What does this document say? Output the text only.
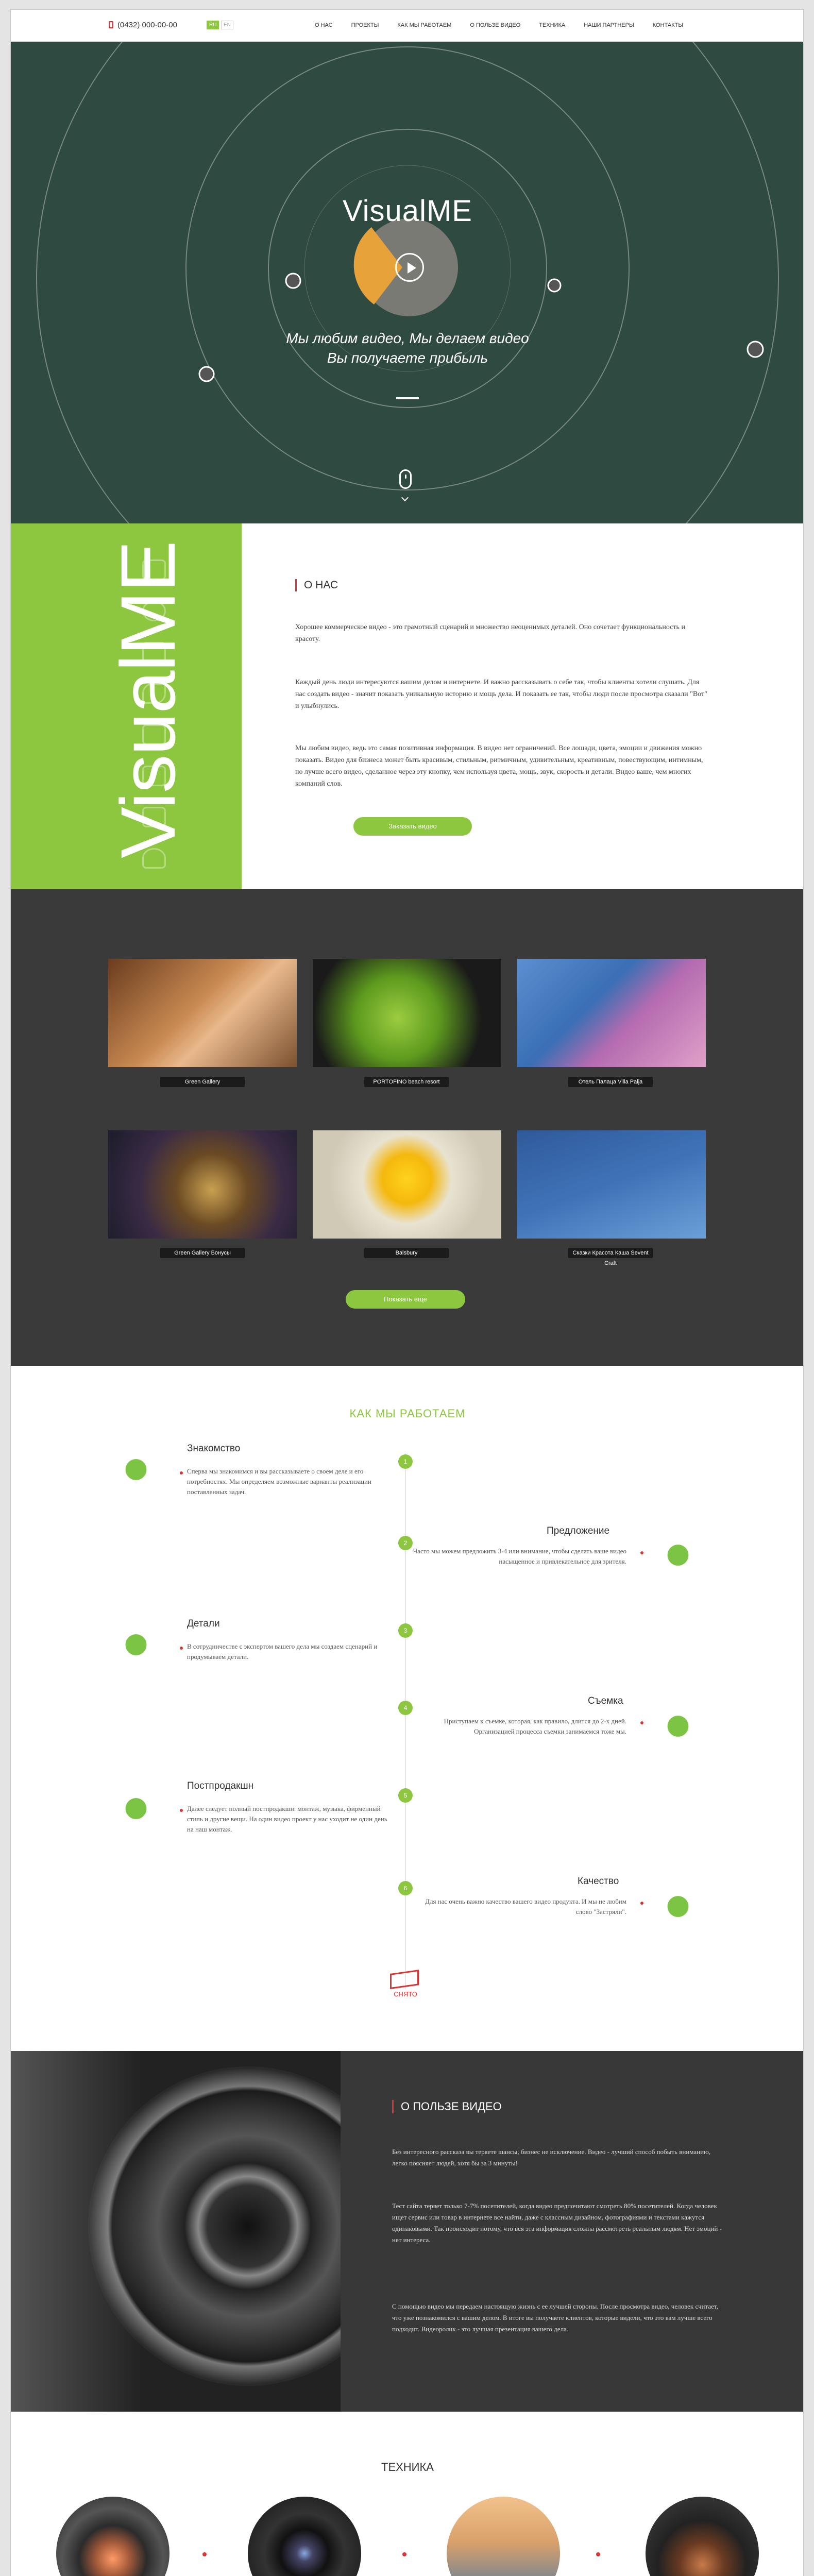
(0432) 000-00-00	RU	EN	О НАС	ПРОЕКТЫ	КАК МЫ РАБОТАЕМ	О ПОЛЬЗЕ ВИДЕО	ТЕХНИКА	НАШИ ПАРТНЕРЫ	КОНТАКТЫ
VisualME
Мы любим видео, Мы делаем видео
Вы получаете прибыль
VisualME	О НАС
Хорошее коммерческое видео - это грамотный сценарий и множество неоценимых деталей. Оно сочетает функциональность и красоту.
Каждый день люди интересуются вашим делом и интернете. И важно рассказывать о себе так, чтобы клиенты хотели слушать. Для нас создать видео - значит показать уникальную историю и мощь дела. И показать ее так, чтобы люди после просмотра сказали "Вот" и улыбнулись.
Мы любим видео, ведь это самая позитивная информация. В видео нет ограничений. Все лошади, цвета, эмоции и движения можно показать. Видео для бизнеса может быть красивым, стильным, ритмичным, удивительным, креативным, повествующим, интимным, но лучше всего видео, сделанное через эту кнопку, чем используя цвета, мощь, звук, скорость и детали. Видео ваше, чем многих компаний слов.
Заказать видео
Green Gallery	PORTOFINO beach resort	Отель Палаца Villa Palja
Green Gallery Бонусы	Balsbury	Сказки Красота Каша Sevent Craft
Показать еще
КАК МЫ РАБОТАЕМ
1
Знакомство
Сперва мы знакомимся и вы рассказываете о своем деле и его потребностях. Мы определяем возможные варианты реализации поставленных задач.
2
Предложение
Часто мы можем предложить 3-4 или внимание, чтобы сделать ваше видео насыщенное и привлекательное для зрителя.
3
Детали
В сотрудничестве с экспертом вашего дела мы создаем сценарий и продумываем детали.
4
Съемка
Приступаем к съемке, которая, как правило, длится до 2-х дней. Организацией процесса съемки занимаемся тоже мы.
5
Постпродакшн
Далее следует полный постпродакшн: монтаж, музыка, фирменный стиль и другие вещи. На один видео проект у нас уходит не один день на наш монтаж.
6
Качество
Для нас очень важно качество вашего видео продукта. И мы не любим слово "Застряли".
СНЯТО
О ПОЛЬЗЕ ВИДЕО
Без интересного рассказа вы теряете шансы, бизнес не исключение. Видео - лучший способ побыть вниманию, легко поясняет людей, хотя бы за 3 минуты!
Тест сайта теряет только 7-7% посетителей, когда видео предпочитают смотреть 80% посетителей. Когда человек ищет сервис или товар в интернете все найти, даже с классным дизайном, фотографиями и текстами кажутся одинаковыми. Так происходит потому, что вся эта информация сложна рассмотреть реальным людям. Нет эмоций - нет интереса.
С помощью видео мы передаем настоящую жизнь с ее лучшей стороны. После просмотра видео, человек считает, что уже познакомился с вашим делом. В итоге вы получаете клиентов, которые видели, что это вам лучше всего подходит. Видеоролик - это лучшая презентация вашего дела.
ТЕХНИКА
